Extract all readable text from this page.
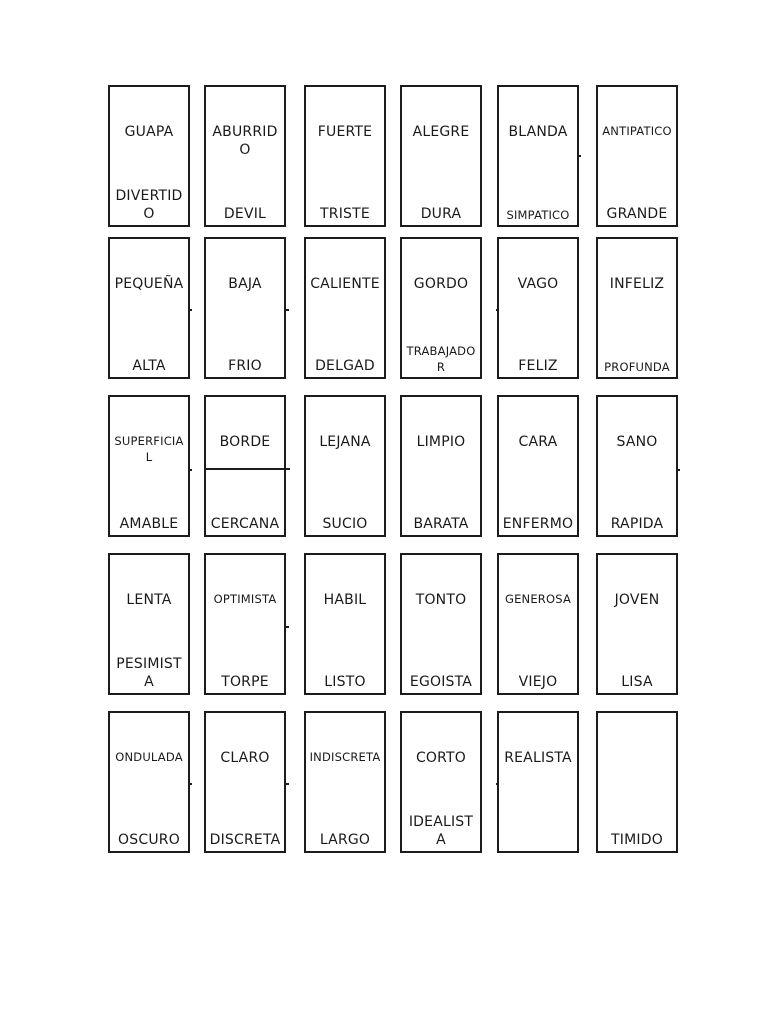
GUAPA
DIVERTIDO
ABURRIDO
DEVIL
FUERTE
TRISTE
ALEGRE
DURA
BLANDA
SIMPATICO
ANTIPATICO
GRANDE
PEQUEÑA
ALTA
BAJA
FRIO
CALIENTE
DELGAD
GORDO
TRABAJADOR
VAGO
FELIZ
INFELIZ
PROFUNDA
SUPERFICIAL
AMABLE
BORDE
CERCANA
LEJANA
SUCIO
LIMPIO
BARATA
CARA
ENFERMO
SANO
RAPIDA
LENTA
PESIMISTA
OPTIMISTA
TORPE
HABIL
LISTO
TONTO
EGOISTA
GENEROSA
VIEJO
JOVEN
LISA
ONDULADA
OSCURO
CLARO
DISCRETA
INDISCRETA
LARGO
CORTO
IDEALISTA
REALISTA
TIMIDO
